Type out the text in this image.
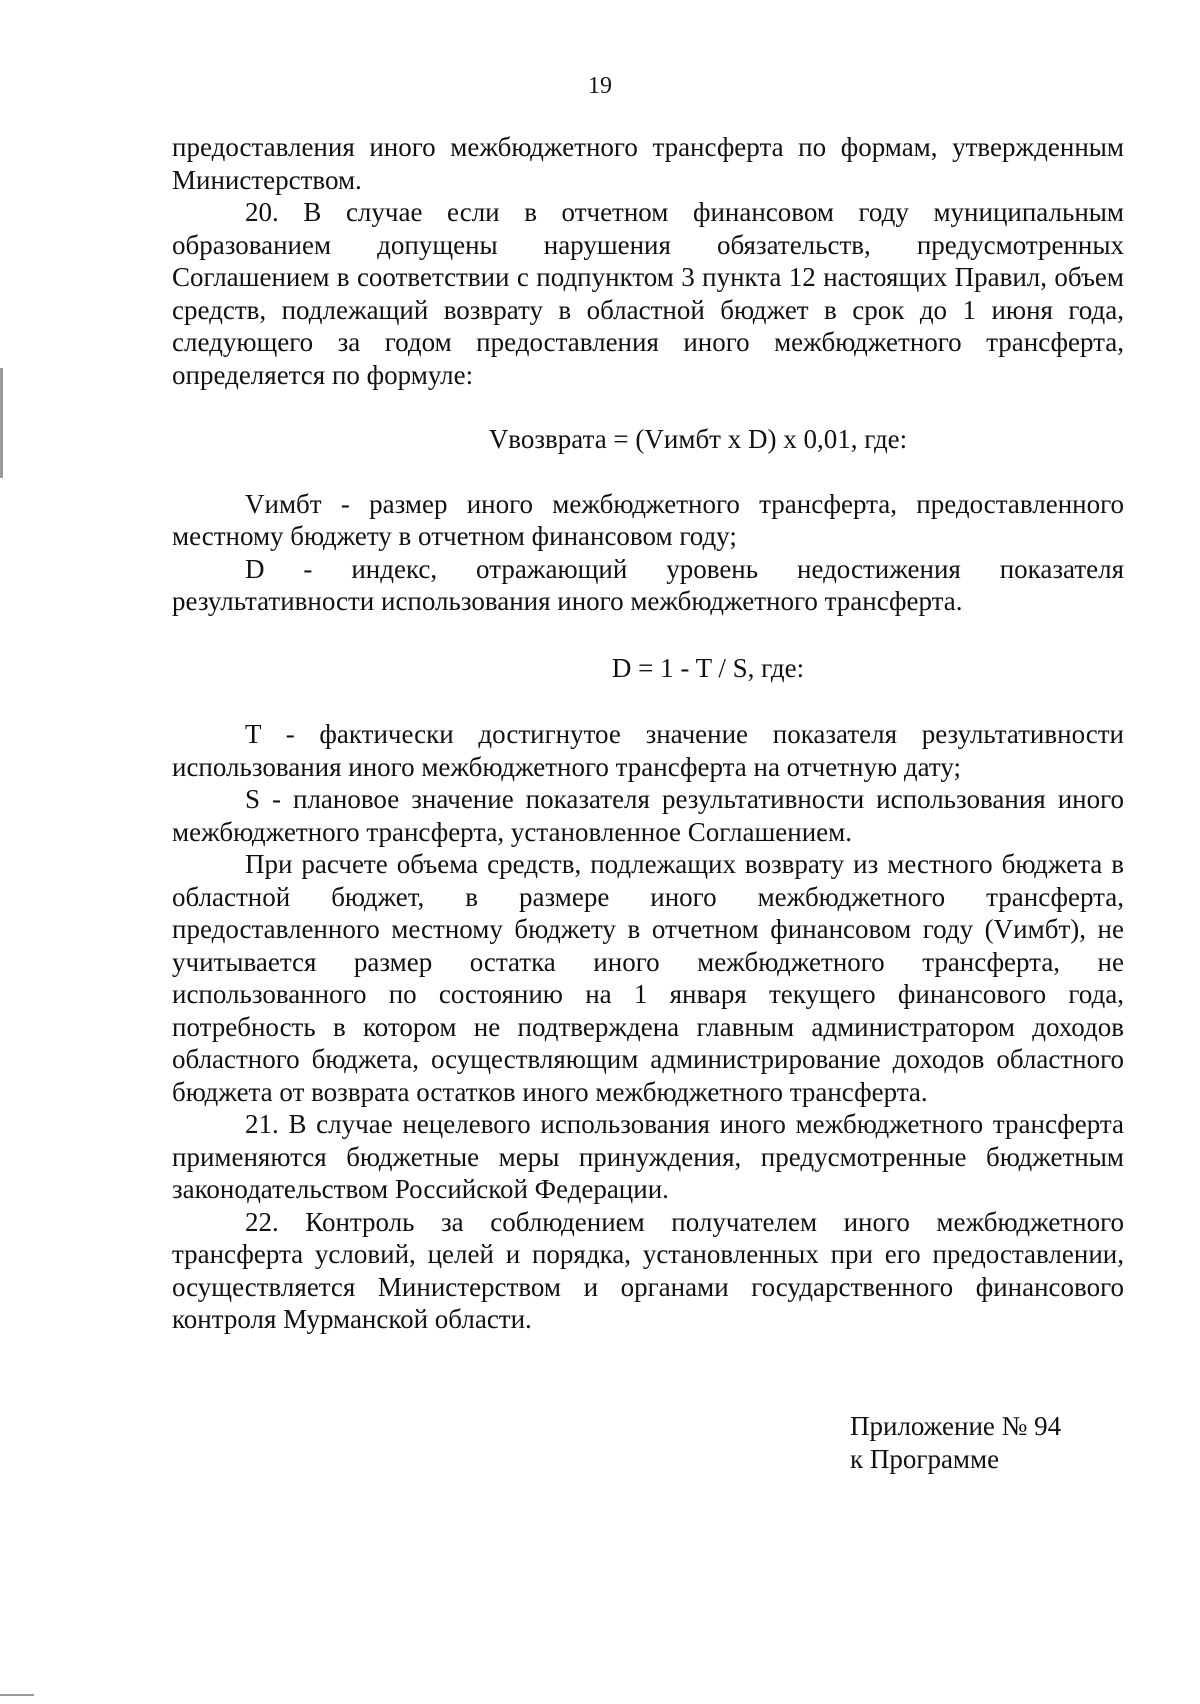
19

предоставления иного межбюджетного трансферта по формам, утвержденным Министерством.

20. В случае если в отчетном финансовом году муниципальным образованием допущены нарушения обязательств, предусмотренных Соглашением в соответствии с подпунктом 3 пункта 12 настоящих Правил, объем средств, подлежащий возврату в областной бюджет в срок до 1 июня года, следующего за годом предоставления иного межбюджетного трансферта, определяется по формуле:

Vвозврата = (Vимбт x D) x 0,01, где:

Vимбт - размер иного межбюджетного трансферта, предоставленного местному бюджету в отчетном финансовом году;

D - индекс, отражающий уровень недостижения показателя результативности использования иного межбюджетного трансферта.

D = 1 - T / S, где:

T - фактически достигнутое значение показателя результативности использования иного межбюджетного трансферта на отчетную дату;

S - плановое значение показателя результативности использования иного межбюджетного трансферта, установленное Соглашением.

При расчете объема средств, подлежащих возврату из местного бюджета в областной бюджет, в размере иного межбюджетного трансферта, предоставленного местному бюджету в отчетном финансовом году (Vимбт), не учитывается размер остатка иного межбюджетного трансферта, не использованного по состоянию на 1 января текущего финансового года, потребность в котором не подтверждена главным администратором доходов областного бюджета, осуществляющим администрирование доходов областного бюджета от возврата остатков иного межбюджетного трансферта.

21. В случае нецелевого использования иного межбюджетного трансферта применяются бюджетные меры принуждения, предусмотренные бюджетным законодательством Российской Федерации.

22. Контроль за соблюдением получателем иного межбюджетного трансферта условий, целей и порядка, установленных при его предоставлении, осуществляется Министерством и органами государственного финансового контроля Мурманской области.

Приложение № 94
к Программе
